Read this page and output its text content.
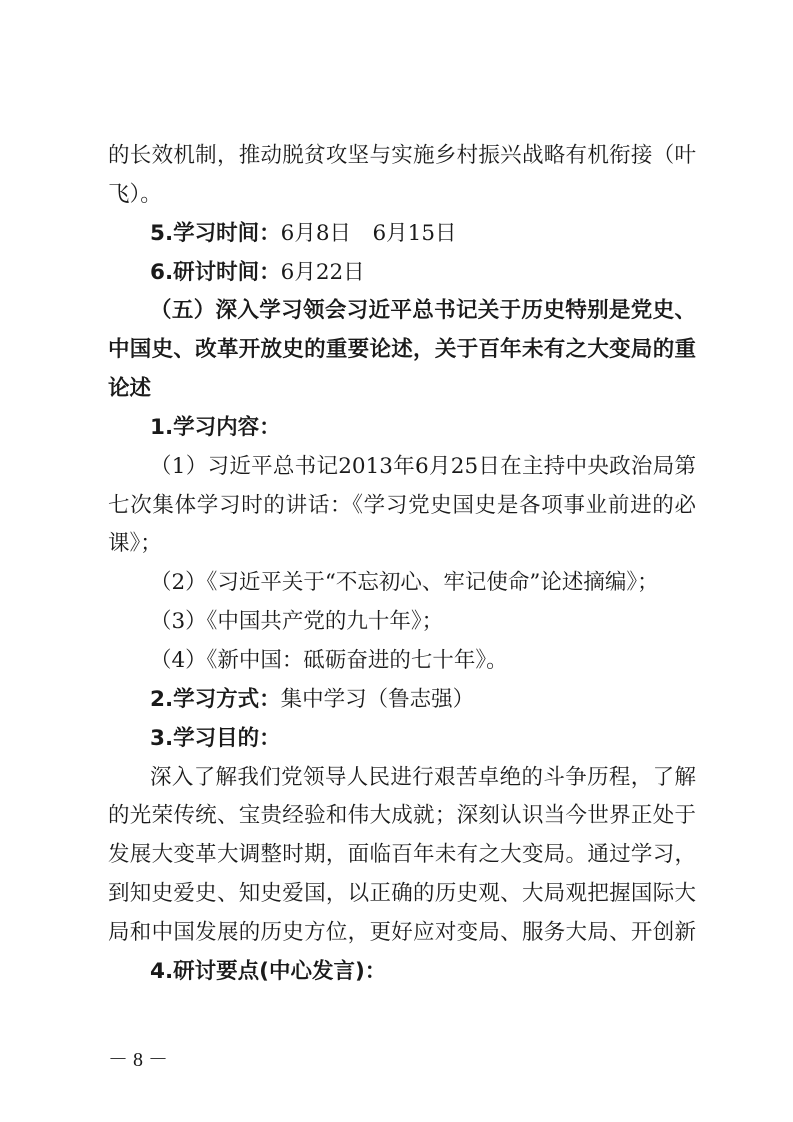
的长效机制，推动脱贫攻坚与实施乡村振兴战略有机衔接（叶
飞）。
5.学习时间：6月8日　6月15日
6.研讨时间：6月22日
（五）深入学习领会习近平总书记关于历史特别是党史、
中国史、改革开放史的重要论述，关于百年未有之大变局的重
论述
1.学习内容：
（1）习近平总书记2013年6月25日在主持中央政治局第
七次集体学习时的讲话：《学习党史国史是各项事业前进的必
课》；
（2）《习近平关于“不忘初心、牢记使命”论述摘编》；
（3）《中国共产党的九十年》；
（4）《新中国：砥砺奋进的七十年》。
2.学习方式：集中学习（鲁志强）
3.学习目的：
深入了解我们党领导人民进行艰苦卓绝的斗争历程，了解
的光荣传统、宝贵经验和伟大成就；深刻认识当今世界正处于
发展大变革大调整时期，面临百年未有之大变局。通过学习，
到知史爱史、知史爱国，以正确的历史观、大局观把握国际大
局和中国发展的历史方位，更好应对变局、服务大局、开创新
4.研讨要点(中心发言)：
－ 8 －
